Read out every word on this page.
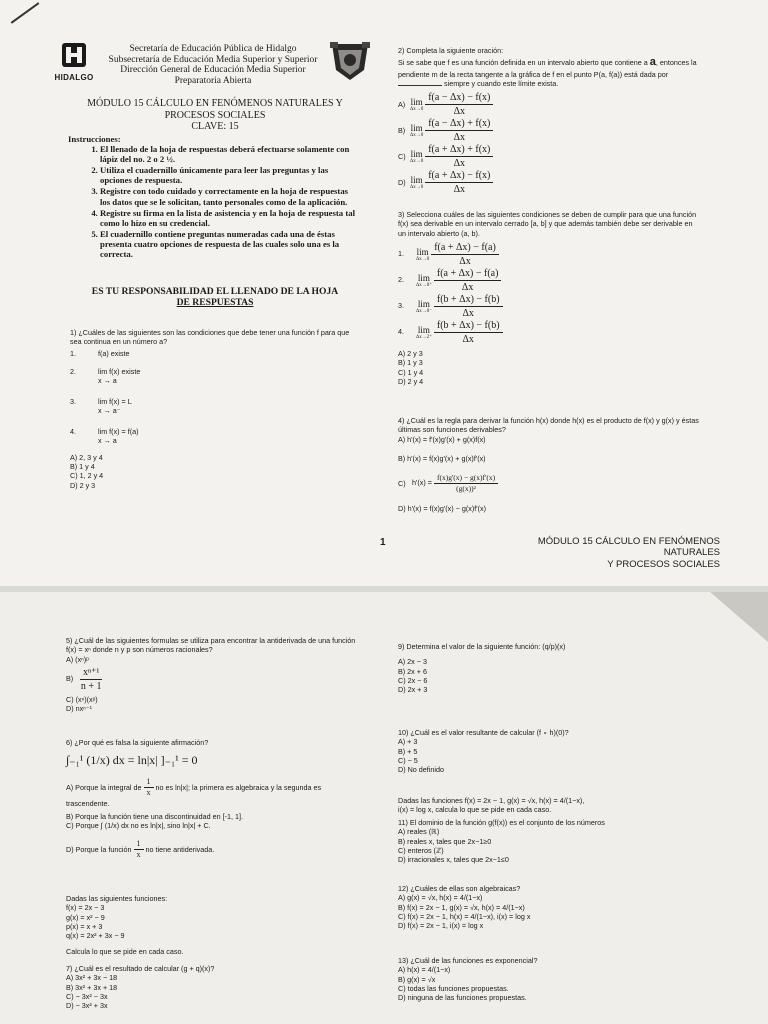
HIDALGO
Secretaría de Educación Pública de Hidalgo
Subsecretaría de Educación Media Superior y Superior
Dirección General de Educación Media Superior
Preparatoria Abierta
MÓDULO 15 CÁLCULO EN FENÓMENOS NATURALES Y
PROCESOS SOCIALES
CLAVE: 15
Instrucciones:
1. El llenado de la hoja de respuestas deberá efectuarse solamente con lápiz del no. 2 o 2 ½.
2. Utiliza el cuadernillo únicamente para leer las preguntas y las opciones de respuesta.
3. Registre con todo cuidado y correctamente en la hoja de respuestas los datos que se le solicitan, tanto personales como de la aplicación.
4. Registre su firma en la lista de asistencia y en la hoja de respuesta tal como lo hizo en su credencial.
5. El cuadernillo contiene preguntas numeradas cada una de éstas presenta cuatro opciones de respuesta de las cuales solo una es la correcta.
ES TU RESPONSABILIDAD EL LLENADO DE LA HOJA
DE RESPUESTAS

1) ¿Cuáles de las siguientes son las condiciones que debe tener una función f para que sea continua en un número a?

1.	f(a) existe
2.	lim f(x) existe
x → a
3.	lim f(x) = L
x → a⁻
4.	lim f(x) = f(a)
x → a
A) 2, 3 y 4
B) 1 y 4
C) 1, 2 y 4
D) 2 y 3

2) Completa la siguiente oración:

Si se sabe que f es una función definida en un intervalo abierto que contiene a a, entonces la pendiente m de la recta tangente a la gráfica de f en el punto P(a, f(a)) está dada por  siempre y cuando este límite exista.

A) lim
Δx→0
$\frac{f(a - \Delta x) - f(x)}{\Delta x}$
B) lim
Δx→0
$\frac{f(a - \Delta x) + f(x)}{\Delta x}$
C) lim
Δx→0
$\frac{f(a + \Delta x) + f(x)}{\Delta x}$
D) lim
Δx→0
$\frac{f(a + \Delta x) - f(x)}{\Delta x}$

3) Selecciona cuáles de las siguientes condiciones se deben de cumplir para que una función f(x) sea derivable en un intervalo cerrado [a, b] y que además también debe ser derivable en un intervalo abierto (a, b).

1. lim
Δx→0
$\frac{f(a + \Delta x) - f(a)}{\Delta x}$
2. lim
Δx→0⁺
$\frac{f(a + \Delta x) - f(a)}{\Delta x}$
3. lim
Δx→0⁻
$\frac{f(b + \Delta x) - f(b)}{\Delta x}$
4. lim
Δx→2⁺
$\frac{f(b + \Delta x) - f(b)}{\Delta x}$
A) 2 y 3
B) 1 y 3
C) 1 y 4
D) 2 y 4

4) ¿Cuál es la regla para derivar la función h(x) donde h(x) es el producto de f(x) y g(x) y éstas últimas son funciones derivables?

A) h'(x) = f'(x)g'(x) + g(x)f(x)
B) h'(x) = f(x)g'(x) + g(x)f'(x)
C) $h'(x) = \frac{f(x)g'(x) - g(x)f'(x)}{\text{(g(x))²}}$
D) h'(x) = f(x)g'(x) − g(x)f'(x)
1	MÓDULO 15 CÁLCULO EN FENÓMENOS NATURALES
Y PROCESOS SOCIALES

5) ¿Cuál de las siguientes formulas se utiliza para encontrar la antiderivada de una función f(x) = xⁿ donde n y p son números racionales?

A) (xⁿ)ᵖ
$B) \frac{\text{xⁿ⁺¹}}{n + 1}$
C) (xⁿ)(xᵖ)
D) nxⁿ⁻¹

6) ¿Por qué es falsa la siguiente afirmación?

∫₋₁¹ (1/x) dx = ln|x| ]₋₁¹ = 0
A) Porque la integral de $\frac{1}{x}$ no es ln|x|; la primera es algebraica y la segunda es trascendente.
B) Porque la función tiene una discontinuidad en [-1, 1].
C) Porque ∫ (1/x) dx no es ln|x|, sino ln|x| + C.
D) Porque la función $\frac{1}{x}$ no tiene antiderivada.

Dadas las siguientes funciones:

f(x) = 2x − 3

g(x) = x² − 9

p(x) = x + 3

q(x) = 2x² + 3x − 9

Calcula lo que se pide en cada caso.

7) ¿Cuál es el resultado de calcular (g + q)(x)?

A) 3x² + 3x − 18
B) 3x² + 3x + 18
C) − 3x² − 3x
D) − 3x² + 3x

9) Determina el valor de la siguiente función: (q/p)(x)

A) 2x − 3
B) 2x + 6
C) 2x − 6
D) 2x + 3

10) ¿Cuál es el valor resultante de calcular (f ∘ h)(0)?

A) + 3
B) + 5
C) − 5
D) No definido

Dadas las funciones f(x) = 2x − 1, g(x) = √x, h(x) = 4/(1−x),

i(x) = log x, calcula lo que se pide en cada caso.

11) El dominio de la función g(f(x)) es el conjunto de los números

A) reales (ℝ)
B) reales x, tales que 2x−1≥0
C) enteros (ℤ)
D) irracionales x, tales que 2x−1≤0

12) ¿Cuáles de ellas son algebraicas?

A) g(x) = √x, h(x) = 4/(1−x)
B) f(x) = 2x − 1, g(x) = √x, h(x) = 4/(1−x)
C) f(x) = 2x − 1, h(x) = 4/(1−x), i(x) = log x
D) f(x) = 2x − 1, i(x) = log x

13) ¿Cuál de las funciones es exponencial?

A) h(x) = 4/(1−x)
B) g(x) = √x
C) todas las funciones propuestas.
D) ninguna de las funciones propuestas.
